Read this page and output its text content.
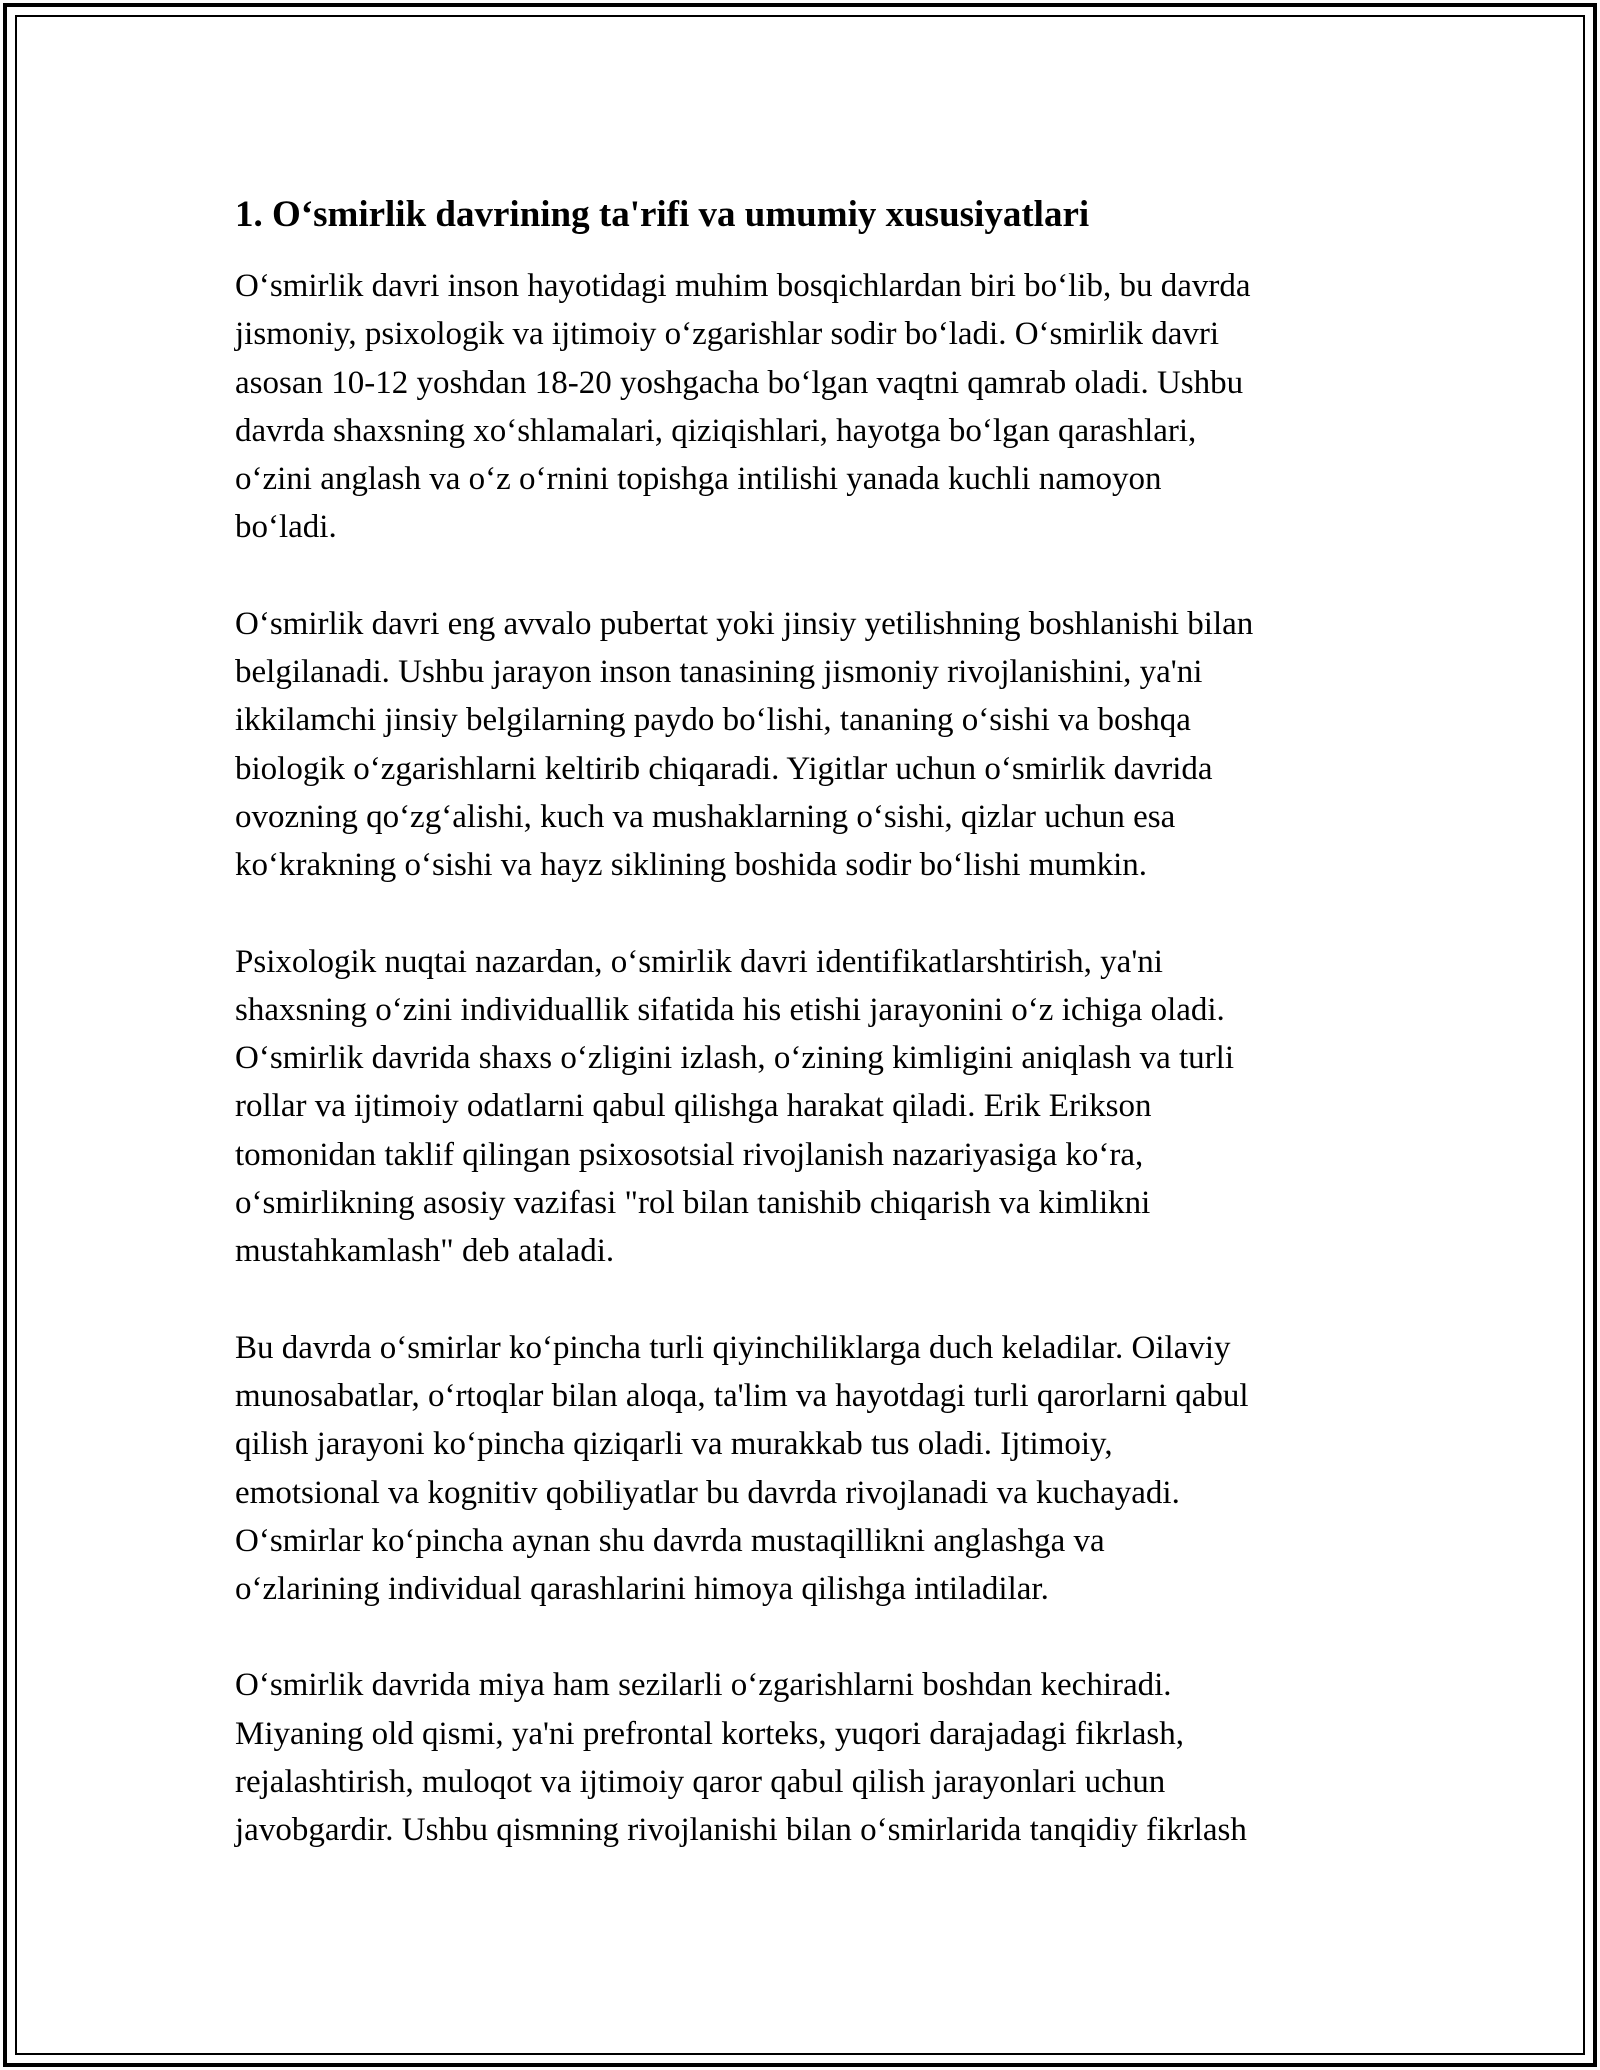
1. O‘smirlik davrining ta'rifi va umumiy xususiyatlari

O‘smirlik davri inson hayotidagi muhim bosqichlardan biri bo‘lib, bu davrda
jismoniy, psixologik va ijtimoiy o‘zgarishlar sodir bo‘ladi. O‘smirlik davri
asosan 10-12 yoshdan 18-20 yoshgacha bo‘lgan vaqtni qamrab oladi. Ushbu
davrda shaxsning xo‘shlamalari, qiziqishlari, hayotga bo‘lgan qarashlari,
o‘zini anglash va o‘z o‘rnini topishga intilishi yanada kuchli namoyon
bo‘ladi.

O‘smirlik davri eng avvalo pubertat yoki jinsiy yetilishning boshlanishi bilan
belgilanadi. Ushbu jarayon inson tanasining jismoniy rivojlanishini, ya'ni
ikkilamchi jinsiy belgilarning paydo bo‘lishi, tananing o‘sishi va boshqa
biologik o‘zgarishlarni keltirib chiqaradi. Yigitlar uchun o‘smirlik davrida
ovozning qo‘zg‘alishi, kuch va mushaklarning o‘sishi, qizlar uchun esa
ko‘krakning o‘sishi va hayz siklining boshida sodir bo‘lishi mumkin.

Psixologik nuqtai nazardan, o‘smirlik davri identifikatlarshtirish, ya'ni
shaxsning o‘zini individuallik sifatida his etishi jarayonini o‘z ichiga oladi.
O‘smirlik davrida shaxs o‘zligini izlash, o‘zining kimligini aniqlash va turli
rollar va ijtimoiy odatlarni qabul qilishga harakat qiladi. Erik Erikson
tomonidan taklif qilingan psixosotsial rivojlanish nazariyasiga ko‘ra,
o‘smirlikning asosiy vazifasi "rol bilan tanishib chiqarish va kimlikni
mustahkamlash" deb ataladi.

Bu davrda o‘smirlar ko‘pincha turli qiyinchiliklarga duch keladilar. Oilaviy
munosabatlar, o‘rtoqlar bilan aloqa, ta'lim va hayotdagi turli qarorlarni qabul
qilish jarayoni ko‘pincha qiziqarli va murakkab tus oladi. Ijtimoiy,
emotsional va kognitiv qobiliyatlar bu davrda rivojlanadi va kuchayadi.
O‘smirlar ko‘pincha aynan shu davrda mustaqillikni anglashga va
o‘zlarining individual qarashlarini himoya qilishga intiladilar.

O‘smirlik davrida miya ham sezilarli o‘zgarishlarni boshdan kechiradi.
Miyaning old qismi, ya'ni prefrontal korteks, yuqori darajadagi fikrlash,
rejalashtirish, muloqot va ijtimoiy qaror qabul qilish jarayonlari uchun
javobgardir. Ushbu qismning rivojlanishi bilan o‘smirlarida tanqidiy fikrlash
